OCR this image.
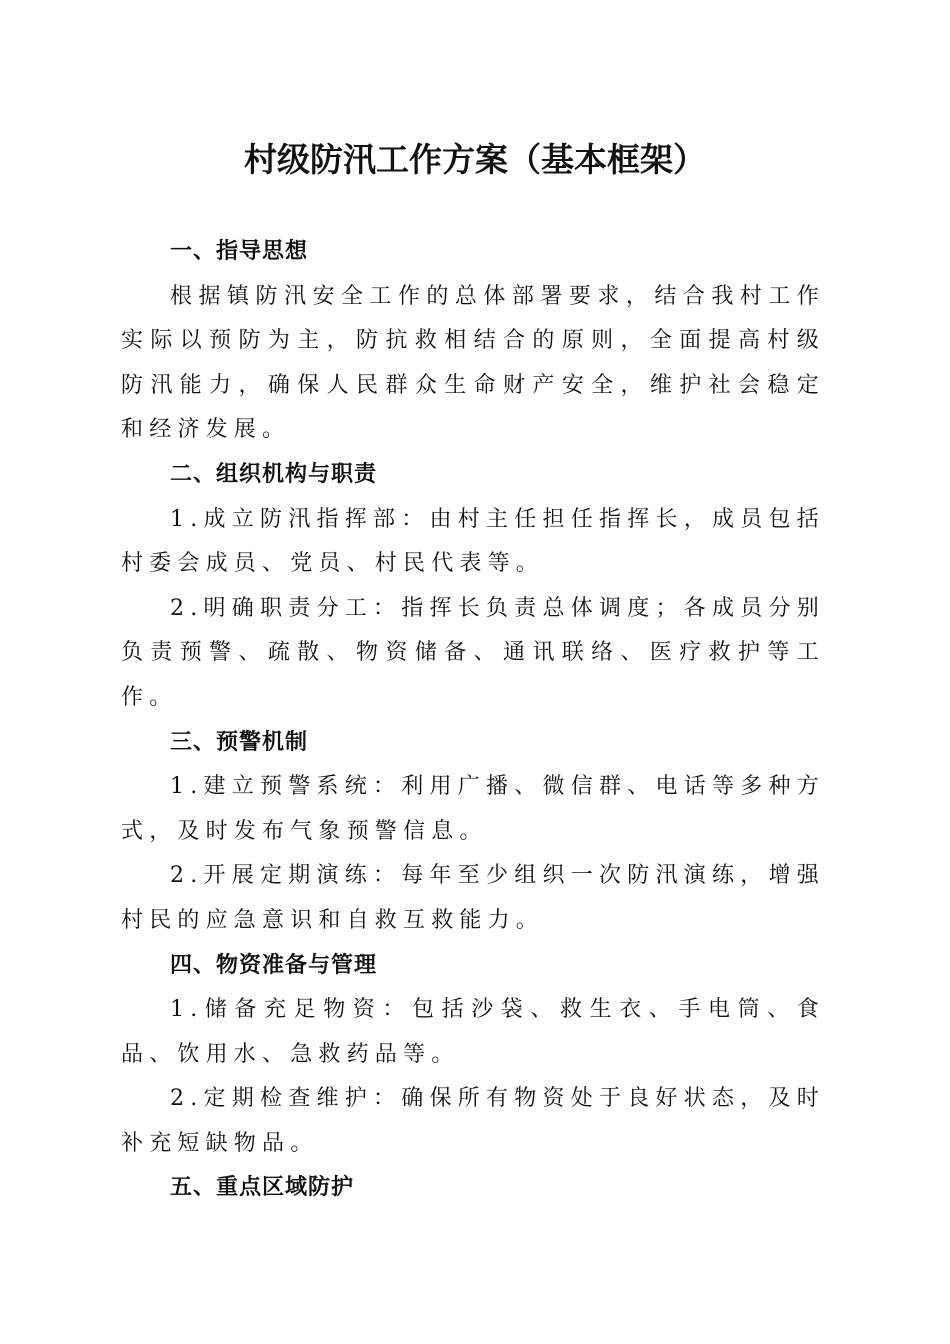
村级防汛工作方案（基本框架）

一、指导思想

根据镇防汛安全工作的总体部署要求，结合我村工作实际以预防为主，防抗救相结合的原则，全面提高村级防汛能力，确保人民群众生命财产安全，维护社会稳定和经济发展。

二、组织机构与职责

1.成立防汛指挥部：由村主任担任指挥长，成员包括村委会成员、党员、村民代表等。

2.明确职责分工：指挥长负责总体调度；各成员分别负责预警、疏散、物资储备、通讯联络、医疗救护等工作。

三、预警机制

1.建立预警系统：利用广播、微信群、电话等多种方式，及时发布气象预警信息。

2.开展定期演练：每年至少组织一次防汛演练，增强村民的应急意识和自救互救能力。

四、物资准备与管理

1.储备充足物资：包括沙袋、救生衣、手电筒、食品、饮用水、急救药品等。

2.定期检查维护：确保所有物资处于良好状态，及时补充短缺物品。

五、重点区域防护
